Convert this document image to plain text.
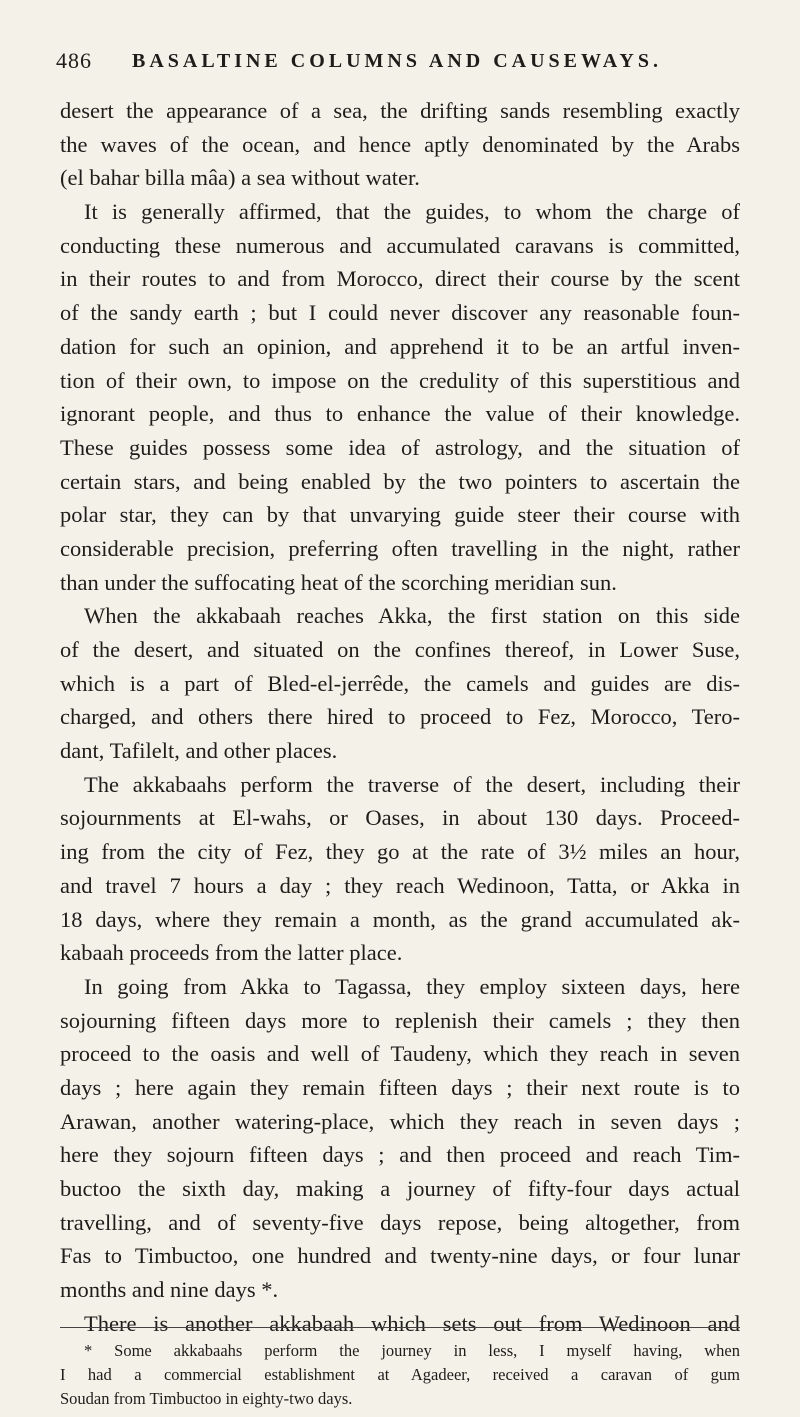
486 BASALTINE COLUMNS AND CAUSEWAYS.
desert the appearance of a sea, the drifting sands resembling exactly
the waves of the ocean, and hence aptly denominated by the Arabs
(el bahar billa mâa) a sea without water.
It is generally affirmed, that the guides, to whom the charge of
conducting these numerous and accumulated caravans is committed,
in their routes to and from Morocco, direct their course by the scent
of the sandy earth ; but I could never discover any reasonable foun-
dation for such an opinion, and apprehend it to be an artful inven-
tion of their own, to impose on the credulity of this superstitious and
ignorant people, and thus to enhance the value of their knowledge.
These guides possess some idea of astrology, and the situation of
certain stars, and being enabled by the two pointers to ascertain the
polar star, they can by that unvarying guide steer their course with
considerable precision, preferring often travelling in the night, rather
than under the suffocating heat of the scorching meridian sun.
When the akkabaah reaches Akka, the first station on this side
of the desert, and situated on the confines thereof, in Lower Suse,
which is a part of Bled-el-jerrêde, the camels and guides are dis-
charged, and others there hired to proceed to Fez, Morocco, Tero-
dant, Tafilelt, and other places.
The akkabaahs perform the traverse of the desert, including their
sojournments at El-wahs, or Oases, in about 130 days. Proceed-
ing from the city of Fez, they go at the rate of 3½ miles an hour,
and travel 7 hours a day ; they reach Wedinoon, Tatta, or Akka in
18 days, where they remain a month, as the grand accumulated ak-
kabaah proceeds from the latter place.
In going from Akka to Tagassa, they employ sixteen days, here
sojourning fifteen days more to replenish their camels ; they then
proceed to the oasis and well of Taudeny, which they reach in seven
days ; here again they remain fifteen days ; their next route is to
Arawan, another watering-place, which they reach in seven days ;
here they sojourn fifteen days ; and then proceed and reach Tim-
buctoo the sixth day, making a journey of fifty-four days actual
travelling, and of seventy-five days repose, being altogether, from
Fas to Timbuctoo, one hundred and twenty-nine days, or four lunar
months and nine days *.
There is another akkabaah which sets out from Wedinoon and
* Some akkabaahs perform the journey in less, I myself having, when
I had a commercial establishment at Agadeer, received a caravan of gum
Soudan from Timbuctoo in eighty-two days.
